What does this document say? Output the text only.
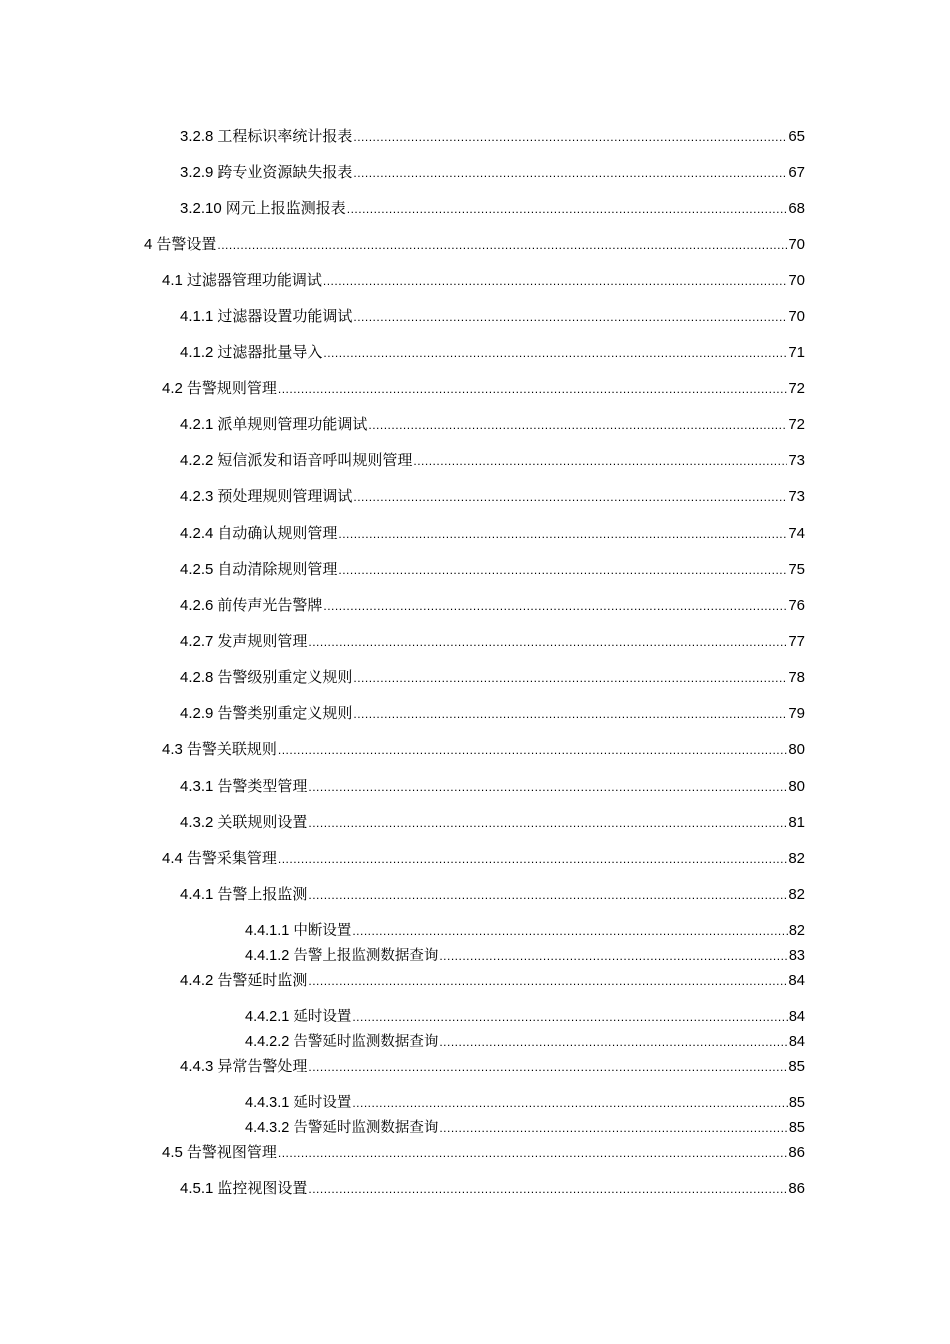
3.2.8 工程标识率统计报表 .....	65
3.2.9 跨专业资源缺失报表 .....	67
3.2.10 网元上报监测报表 .....	68
4 告警设置 .....	70
4.1 过滤器管理功能调试 .....	70
4.1.1 过滤器设置功能调试 .....	70
4.1.2 过滤器批量导入 .....	71
4.2 告警规则管理 .....	72
4.2.1 派单规则管理功能调试 .....	72
4.2.2 短信派发和语音呼叫规则管理 .....	73
4.2.3 预处理规则管理调试 .....	73
4.2.4 自动确认规则管理 .....	74
4.2.5 自动清除规则管理 .....	75
4.2.6 前传声光告警牌 .....	76
4.2.7 发声规则管理 .....	77
4.2.8 告警级别重定义规则 .....	78
4.2.9 告警类别重定义规则 .....	79
4.3 告警关联规则 .....	80
4.3.1 告警类型管理 .....	80
4.3.2 关联规则设置 .....	81
4.4 告警采集管理 .....	82
4.4.1 告警上报监测 .....	82
4.4.1.1 中断设置 .....	82
4.4.1.2 告警上报监测数据查询 .....	83
4.4.2 告警延时监测 .....	84
4.4.2.1 延时设置 .....	84
4.4.2.2 告警延时监测数据查询 .....	84
4.4.3 异常告警处理 .....	85
4.4.3.1 延时设置 .....	85
4.4.3.2 告警延时监测数据查询 .....	85
4.5 告警视图管理 .....	86
4.5.1 监控视图设置 .....	86
